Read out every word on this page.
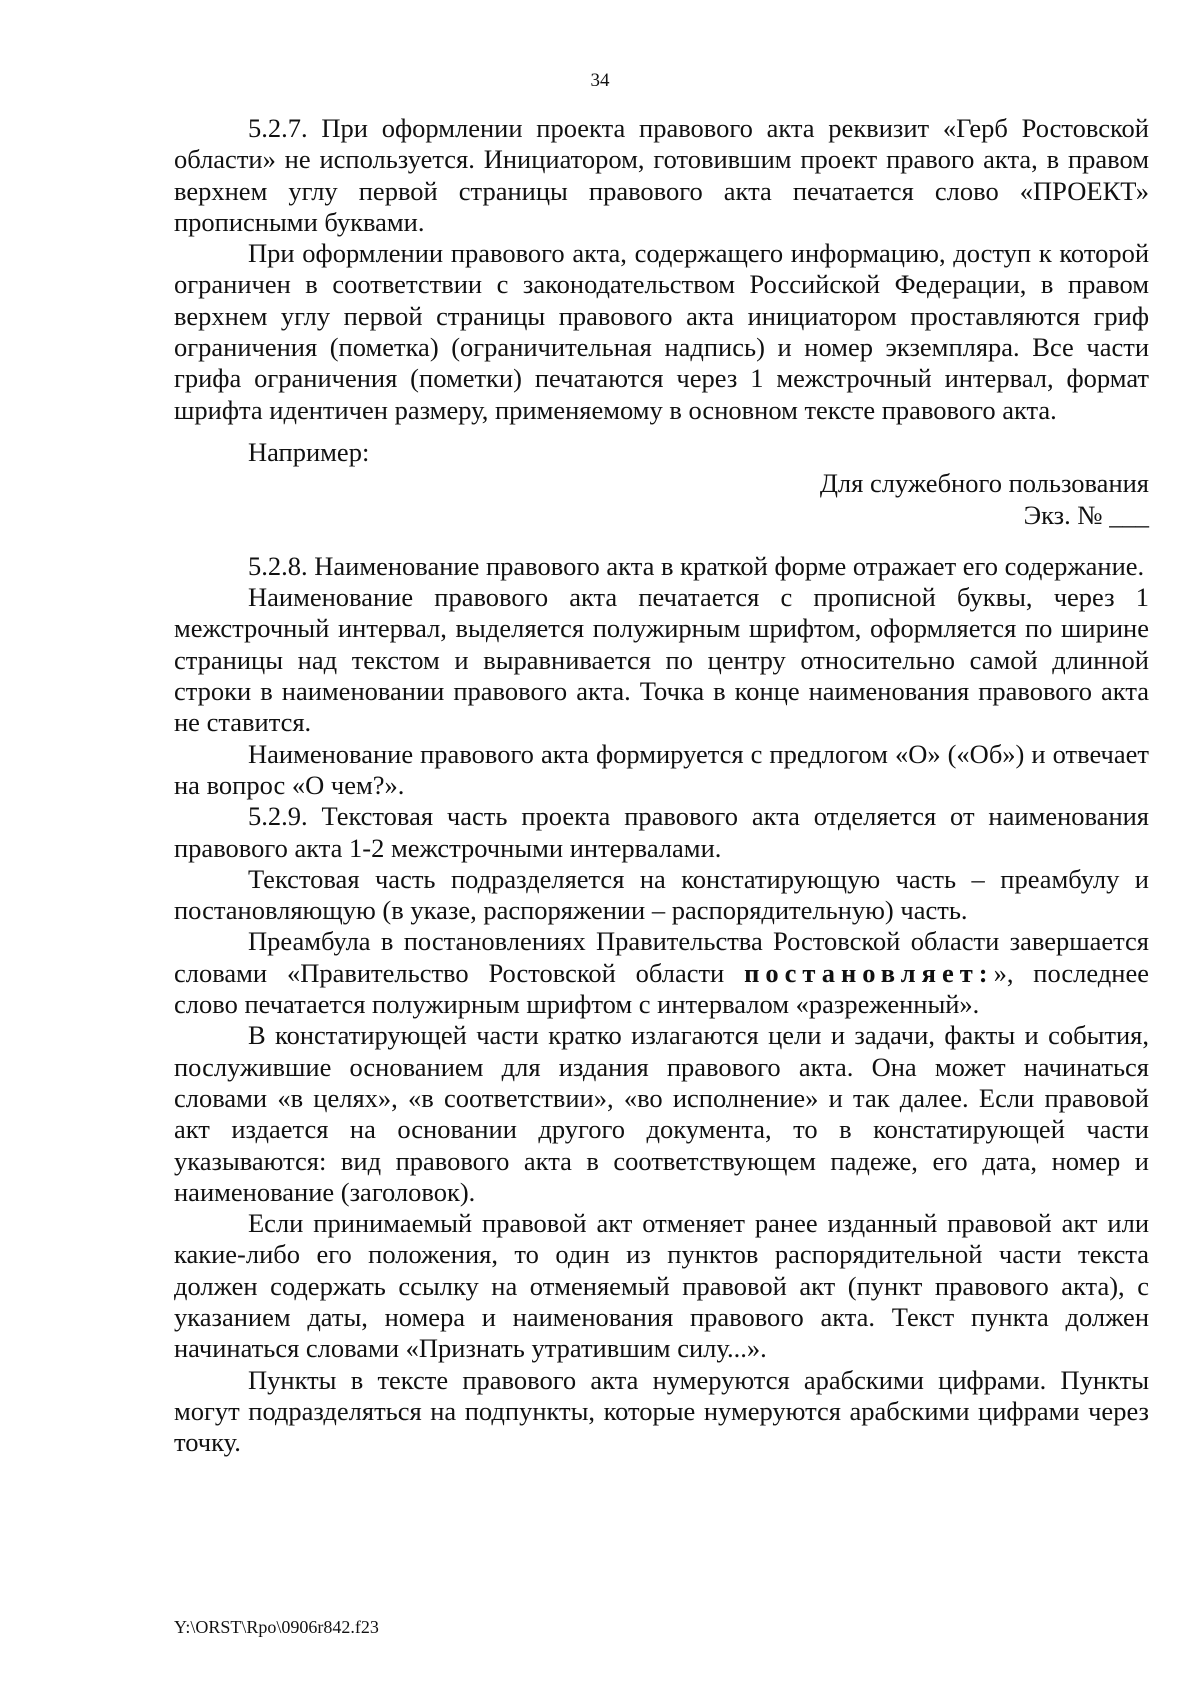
34

5.2.7. При оформлении проекта правового акта реквизит «Герб Ростовской области» не используется. Инициатором, готовившим проект правого акта, в правом верхнем углу первой страницы правового акта печатается слово «ПРОЕКТ» прописными буквами.

При оформлении правового акта, содержащего информацию, доступ к которой ограничен в соответствии с законодательством Российской Федерации, в правом верхнем углу первой страницы правового акта инициатором проставляются гриф ограничения (пометка) (ограничительная надпись) и номер экземпляра. Все части грифа ограничения (пометки) печатаются через 1 межстрочный интервал, формат шрифта идентичен размеру, применяемому в основном тексте правового акта.

Например:

Для служебного пользования

Экз. № ___

5.2.8. Наименование правового акта в краткой форме отражает его содержание.

Наименование правового акта печатается с прописной буквы, через 1 межстрочный интервал, выделяется полужирным шрифтом, оформляется по ширине страницы над текстом и выравнивается по центру относительно самой длинной строки в наименовании правового акта. Точка в конце наименования правового акта не ставится.

Наименование правового акта формируется с предлогом «О» («Об») и отвечает на вопрос «О чем?».

5.2.9. Текстовая часть проекта правового акта отделяется от наименования правового акта 1-2 межстрочными интервалами.

Текстовая часть подразделяется на констатирующую часть – преамбулу и постановляющую (в указе, распоряжении – распорядительную) часть.

Преамбула в постановлениях Правительства Ростовской области завершается словами «Правительство Ростовской области постановляет:», последнее слово печатается полужирным шрифтом с интервалом «разреженный».

В констатирующей части кратко излагаются цели и задачи, факты и события, послужившие основанием для издания правового акта. Она может начинаться словами «в целях», «в соответствии», «во исполнение» и так далее. Если правовой акт издается на основании другого документа, то в констатирующей части указываются: вид правового акта в соответствующем падеже, его дата, номер и наименование (заголовок).

Если принимаемый правовой акт отменяет ранее изданный правовой акт или какие-либо его положения, то один из пунктов распорядительной части текста должен содержать ссылку на отменяемый правовой акт (пункт правового акта), с указанием даты, номера и наименования правового акта. Текст пункта должен начинаться словами «Признать утратившим силу...».

Пункты в тексте правового акта нумеруются арабскими цифрами. Пункты могут подразделяться на подпункты, которые нумеруются арабскими цифрами через точку.

Y:\ORST\Rpo\0906r842.f23
